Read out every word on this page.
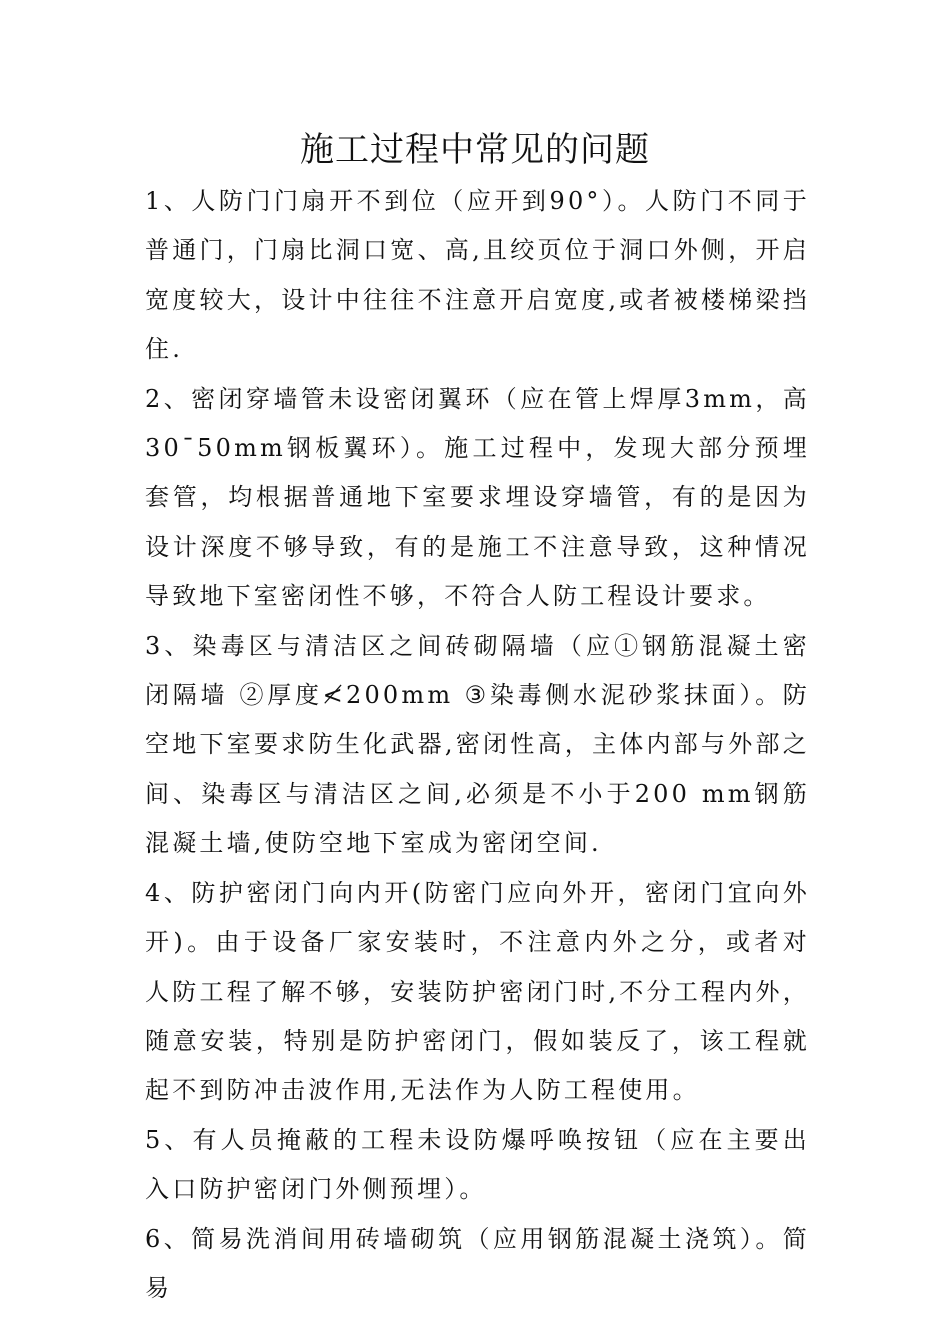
施工过程中常见的问题

1、人防门门扇开不到位（应开到90°）。人防门不同于普通门，门扇比洞口宽、高,且绞页位于洞口外侧，开启宽度较大，设计中往往不注意开启宽度,或者被楼梯梁挡住.

2、密闭穿墙管未设密闭翼环（应在管上焊厚3mm，高30¯50mm钢板翼环）。施工过程中，发现大部分预埋套管，均根据普通地下室要求埋设穿墙管，有的是因为设计深度不够导致，有的是施工不注意导致，这种情况导致地下室密闭性不够，不符合人防工程设计要求。

3、染毒区与清洁区之间砖砌隔墙（应①钢筋混凝土密闭隔墙 ②厚度≮200mm ③染毒侧水泥砂浆抹面）。防空地下室要求防生化武器,密闭性高，主体内部与外部之间、染毒区与清洁区之间,必须是不小于200 mm钢筋混凝土墙,使防空地下室成为密闭空间.

4、防护密闭门向内开(防密门应向外开，密闭门宜向外开)。由于设备厂家安装时，不注意内外之分，或者对人防工程了解不够，安装防护密闭门时,不分工程内外，随意安装，特别是防护密闭门，假如装反了，该工程就起不到防冲击波作用,无法作为人防工程使用。

5、有人员掩蔽的工程未设防爆呼唤按钮（应在主要出入口防护密闭门外侧预埋）。

6、简易洗消间用砖墙砌筑（应用钢筋混凝土浇筑）。简易
